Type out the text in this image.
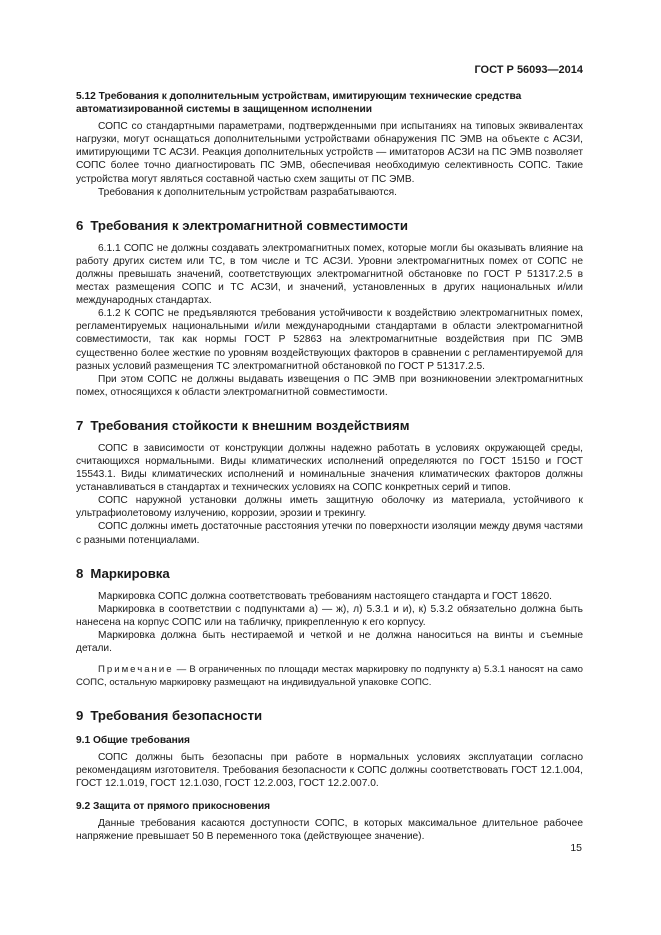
ГОСТ Р 56093—2014
5.12 Требования к дополнительным устройствам, имитирующим технические средства автоматизированной системы в защищенном исполнении

СОПС со стандартными параметрами, подтвержденными при испытаниях на типовых эквивалентах нагрузки, могут оснащаться дополнительными устройствами обнаружения ПС ЭМВ на объекте с АСЗИ, имитирующими ТС АСЗИ. Реакция дополнительных устройств — имитаторов АСЗИ на ПС ЭМВ позволяет СОПС более точно диагностировать ПС ЭМВ, обеспечивая необходимую селективность СОПС. Такие устройства могут являться составной частью схем защиты от ПС ЭМВ.

Требования к дополнительным устройствам разрабатываются.

6 Требования к электромагнитной совместимости

6.1.1 СОПС не должны создавать электромагнитных помех, которые могли бы оказывать влияние на работу других систем или ТС, в том числе и ТС АСЗИ. Уровни электромагнитных помех от СОПС не должны превышать значений, соответствующих электромагнитной обстановке по ГОСТ Р 51317.2.5 в местах размещения СОПС и ТС АСЗИ, и значений, установленных в других национальных и/или международных стандартах.

6.1.2 К СОПС не предъявляются требования устойчивости к воздействию электромагнитных помех, регламентируемых национальными и/или международными стандартами в области электромагнитной совместимости, так как нормы ГОСТ Р 52863 на электромагнитные воздействия при ПС ЭМВ существенно более жесткие по уровням воздействующих факторов в сравнении с регламентируемой для разных условий размещения ТС электромагнитной обстановкой по ГОСТ Р 51317.2.5.

При этом СОПС не должны выдавать извещения о ПС ЭМВ при возникновении электромагнитных помех, относящихся к области электромагнитной совместимости.

7 Требования стойкости к внешним воздействиям

СОПС в зависимости от конструкции должны надежно работать в условиях окружающей среды, считающихся нормальными. Виды климатических исполнений определяются по ГОСТ 15150 и ГОСТ 15543.1. Виды климатических исполнений и номинальные значения климатических факторов должны устанавливаться в стандартах и технических условиях на СОПС конкретных серий и типов.

СОПС наружной установки должны иметь защитную оболочку из материала, устойчивого к ультрафиолетовому излучению, коррозии, эрозии и трекингу.

СОПС должны иметь достаточные расстояния утечки по поверхности изоляции между двумя частями с разными потенциалами.

8 Маркировка

Маркировка СОПС должна соответствовать требованиям настоящего стандарта и ГОСТ 18620.

Маркировка в соответствии с подпунктами а) — ж), л) 5.3.1 и и), к) 5.3.2 обязательно должна быть нанесена на корпус СОПС или на табличку, прикрепленную к его корпусу.

Маркировка должна быть нестираемой и четкой и не должна наноситься на винты и съемные детали.

Примечание — В ограниченных по площади местах маркировку по подпункту а) 5.3.1 наносят на само СОПС, остальную маркировку размещают на индивидуальной упаковке СОПС.

9 Требования безопасности
9.1 Общие требования

СОПС должны быть безопасны при работе в нормальных условиях эксплуатации согласно рекомендациям изготовителя. Требования безопасности к СОПС должны соответствовать ГОСТ 12.1.004, ГОСТ 12.1.019, ГОСТ 12.1.030, ГОСТ 12.2.003, ГОСТ 12.2.007.0.

9.2 Защита от прямого прикосновения

Данные требования касаются доступности СОПС, в которых максимальное длительное рабочее напряжение превышает 50 В переменного тока (действующее значение).

15
